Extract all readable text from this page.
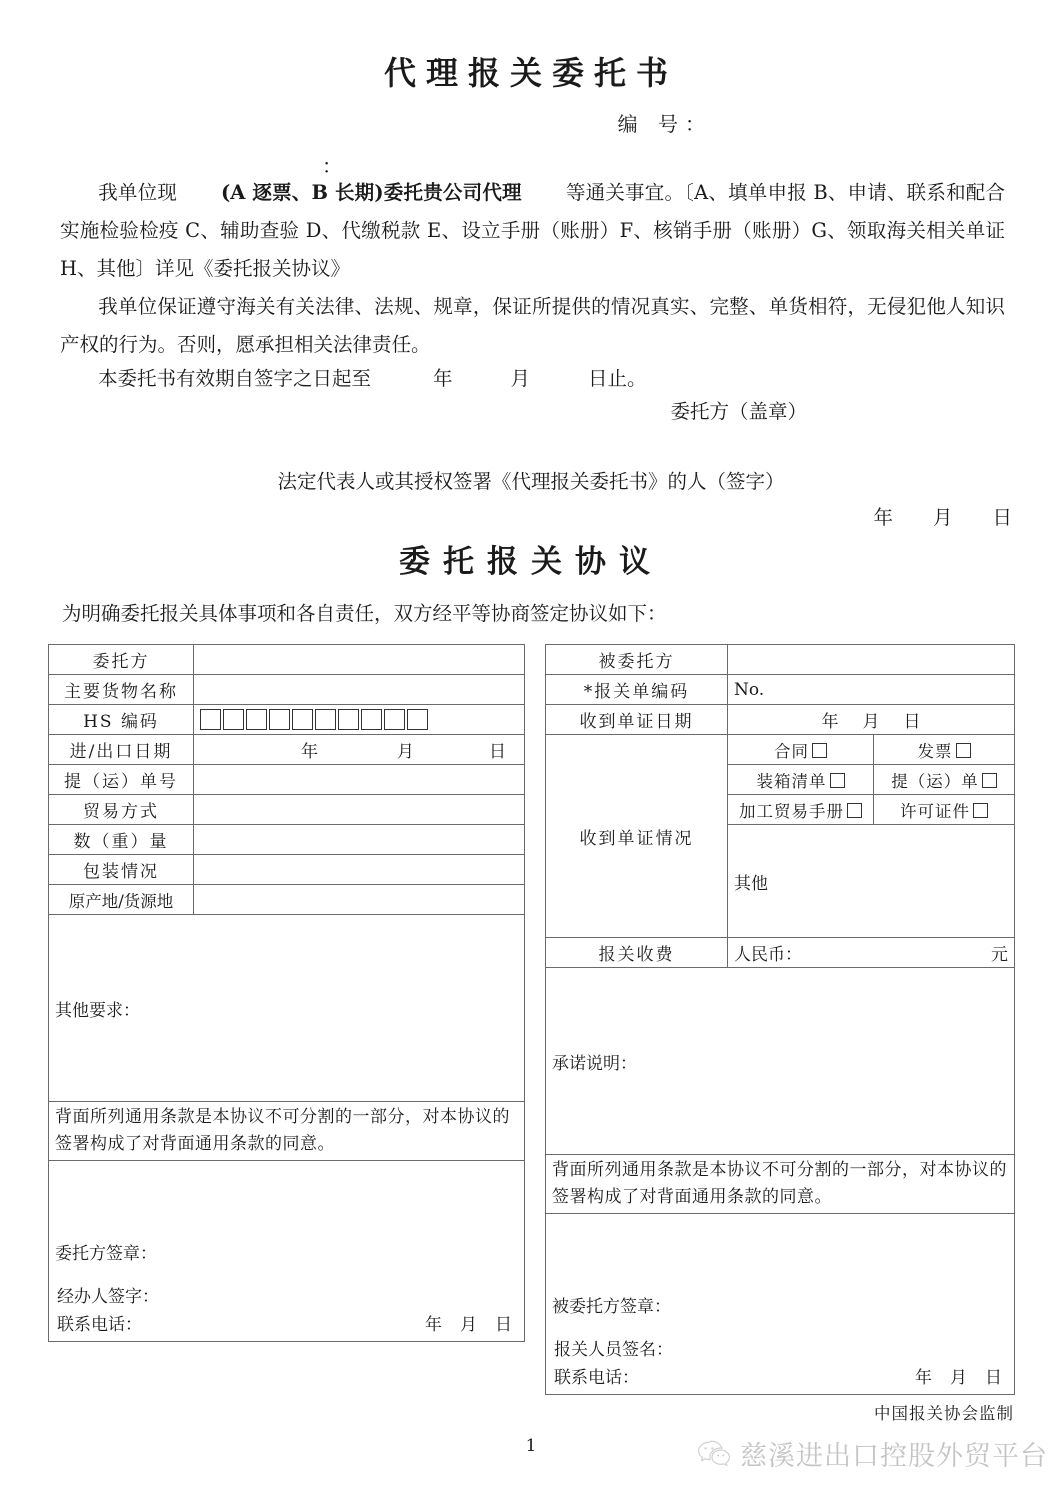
代理报关委托书
编 号：
：
我单位现 (A 逐票、B 长期)委托贵公司代理 等通关事宜。〔A、填单申报 B、申请、联系和配合实施检验检疫 C、辅助查验 D、代缴税款 E、设立手册（账册）F、核销手册（账册）G、领取海关相关单证 H、其他〕详见《委托报关协议》
我单位保证遵守海关有关法律、法规、规章，保证所提供的情况真实、完整、单货相符，无侵犯他人知识产权的行为。否则，愿承担相关法律责任。
本委托书有效期自签字之日起至	年	月	日止。
委托方（盖章）
法定代表人或其授权签署《代理报关委托书》的人（签字）
年 月 日
委托报关协议
为明确委托报关具体事项和各自责任，双方经平等协商签定协议如下：
委托方	
主要货物名称	
HS 编码	
进/出口日期	年 月 日
提（运）单号	
贸易方式	
数（重）量	
包装情况	
原产地/货源地	
其他要求：	
背面所列通用条款是本协议不可分割的一部分，对本协议的签署构成了对背面通用条款的同意。	

委托方签章：
经办人签字：
联系电话： 年 月 日	
被委托方		
*报关单编码	No.	
收到单证日期	年 月 日	
收到单证情况	合同	发票
	装箱清单	提（运）单
	加工贸易手册	许可证件
	其他	
报关收费	人民币： 元	

承诺说明：		
背面所列通用条款是本协议不可分割的一部分，对本协议的签署构成了对背面通用条款的同意。		

被委托方签章：
报关人员签名：
联系电话： 年 月 日		
中国报关协会监制
1	慈溪进出口控股外贸平台
